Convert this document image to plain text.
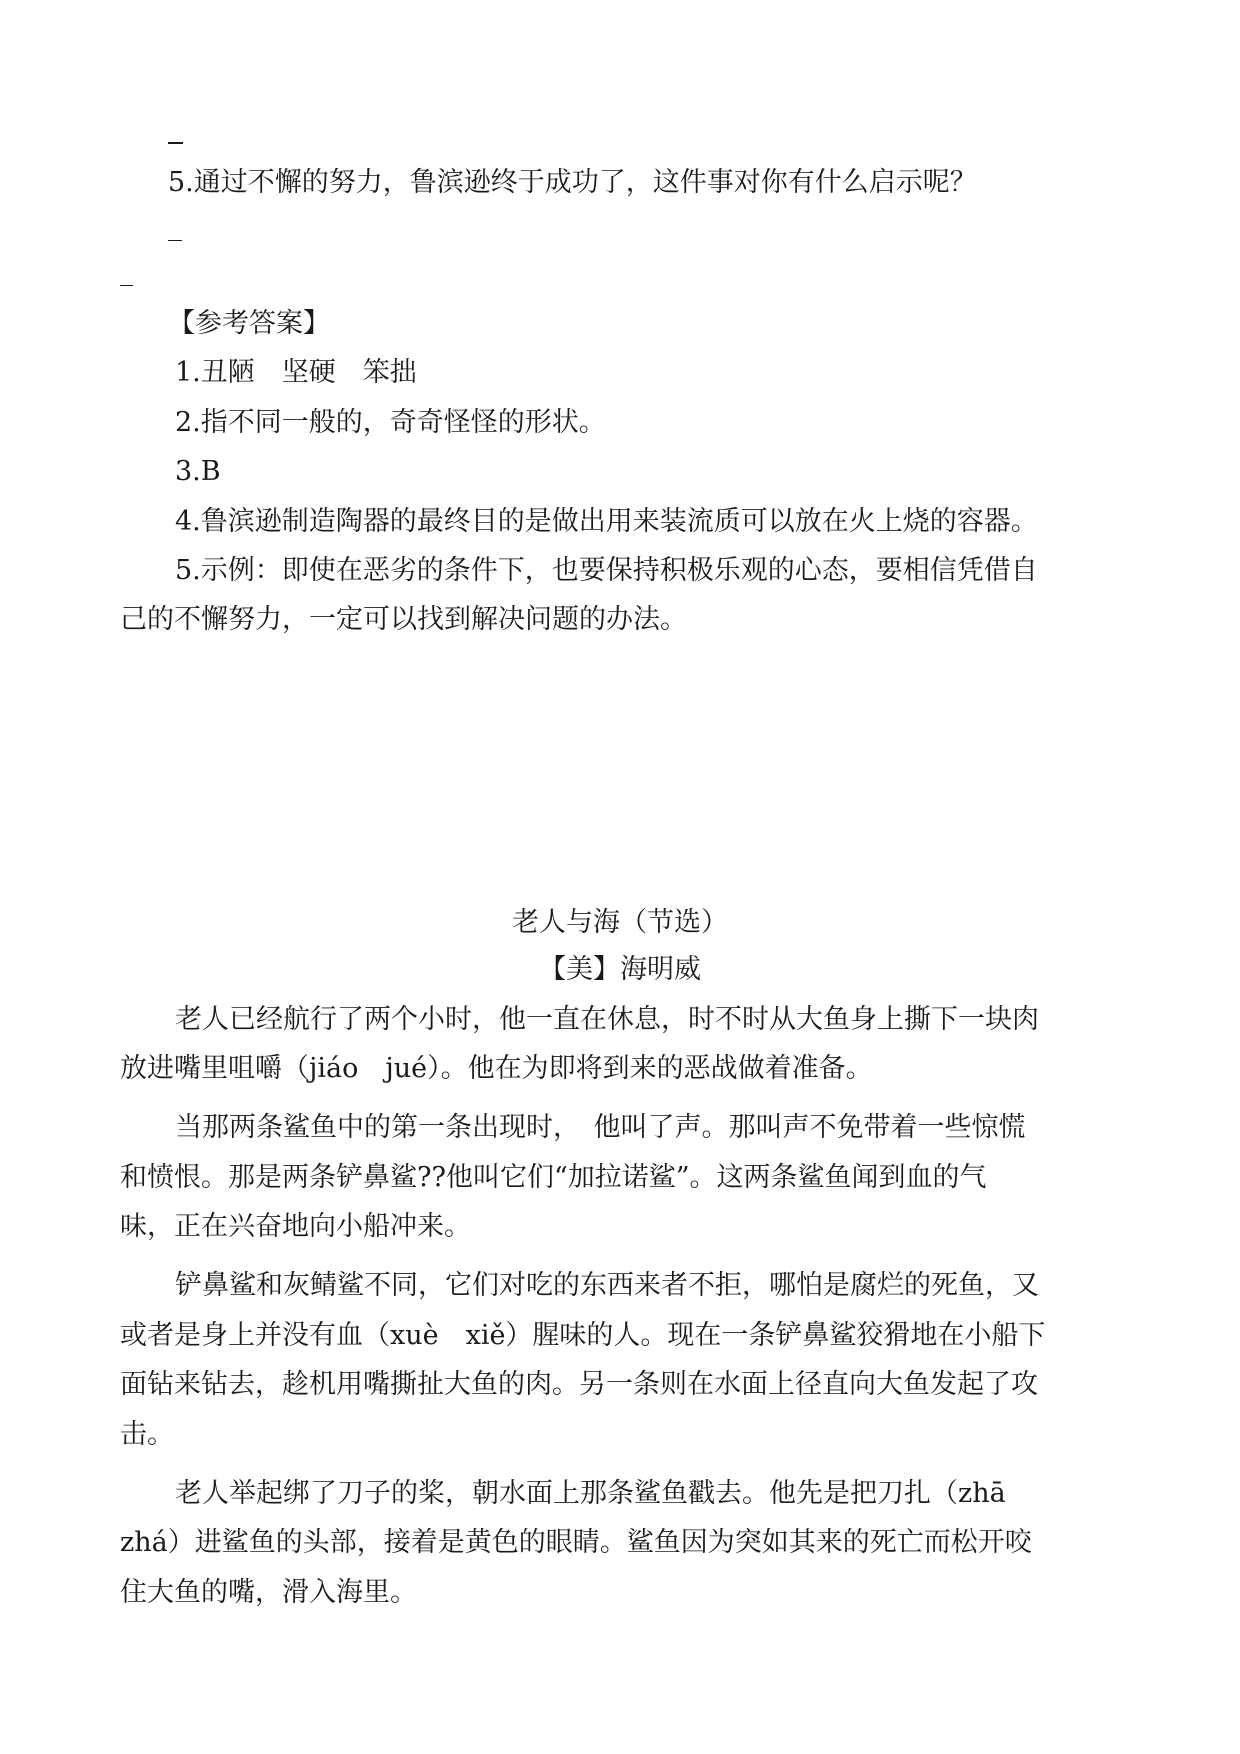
5.通过不懈的努力，鲁滨逊终于成功了，这件事对你有什么启示呢？
【参考答案】
1.丑陋　坚硬　笨拙
2.指不同一般的，奇奇怪怪的形状。
3.B
4.鲁滨逊制造陶器的最终目的是做出用来装流质可以放在火上烧的容器。
5.示例：即使在恶劣的条件下，也要保持积极乐观的心态，要相信凭借自
己的不懈努力，一定可以找到解决问题的办法。
老人与海（节选）
【美】海明威
老人已经航行了两个小时，他一直在休息，时不时从大鱼身上撕下一块肉
放进嘴里咀嚼（jiáo　jué）。他在为即将到来的恶战做着准备。
当那两条鲨鱼中的第一条出现时，　他叫了声。那叫声不免带着一些惊慌
和愤恨。那是两条铲鼻鲨??他叫它们“加拉诺鲨”。这两条鲨鱼闻到血的气
味，正在兴奋地向小船冲来。
铲鼻鲨和灰鲭鲨不同，它们对吃的东西来者不拒，哪怕是腐烂的死鱼，又
或者是身上并没有血（xuè　xiě）腥味的人。现在一条铲鼻鲨狡猾地在小船下
面钻来钻去，趁机用嘴撕扯大鱼的肉。另一条则在水面上径直向大鱼发起了攻
击。
老人举起绑了刀子的桨，朝水面上那条鲨鱼戳去。他先是把刀扎（zhā
zhá）进鲨鱼的头部，接着是黄色的眼睛。鲨鱼因为突如其来的死亡而松开咬
住大鱼的嘴，滑入海里。
